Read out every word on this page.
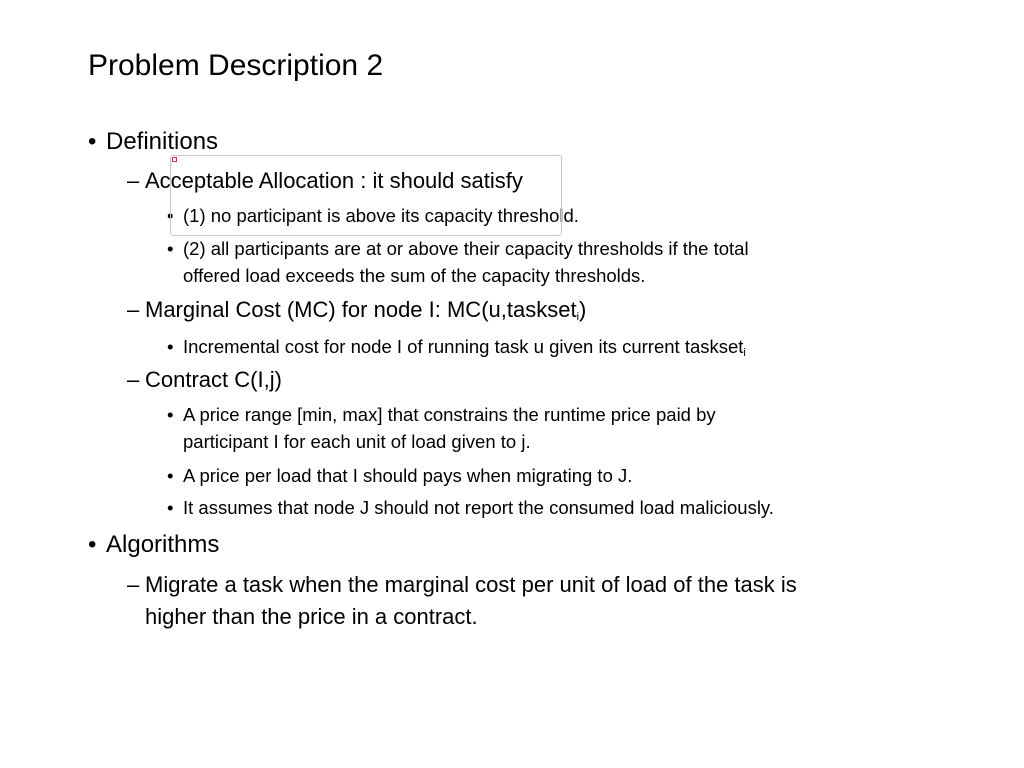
Problem Description 2
• Definitions
– Acceptable Allocation : it should satisfy
• (1) no participant is above its capacity threshold.
• (2) all participants are at or above their capacity thresholds if the total
offered load exceeds the sum of the capacity thresholds.
– Marginal Cost (MC) for node I: MC(u,taskset$_i$)
• Incremental cost for node I of running task u given its current taskset$_i$
– Contract C(I,j)
• A price range [min, max] that constrains the runtime price paid by
participant I for each unit of load given to j.
• A price per load that I should pays when migrating to J.
• It assumes that node J should not report the consumed load maliciously.
• Algorithms
– Migrate a task when the marginal cost per unit of load of the task is
higher than the price in a contract.
